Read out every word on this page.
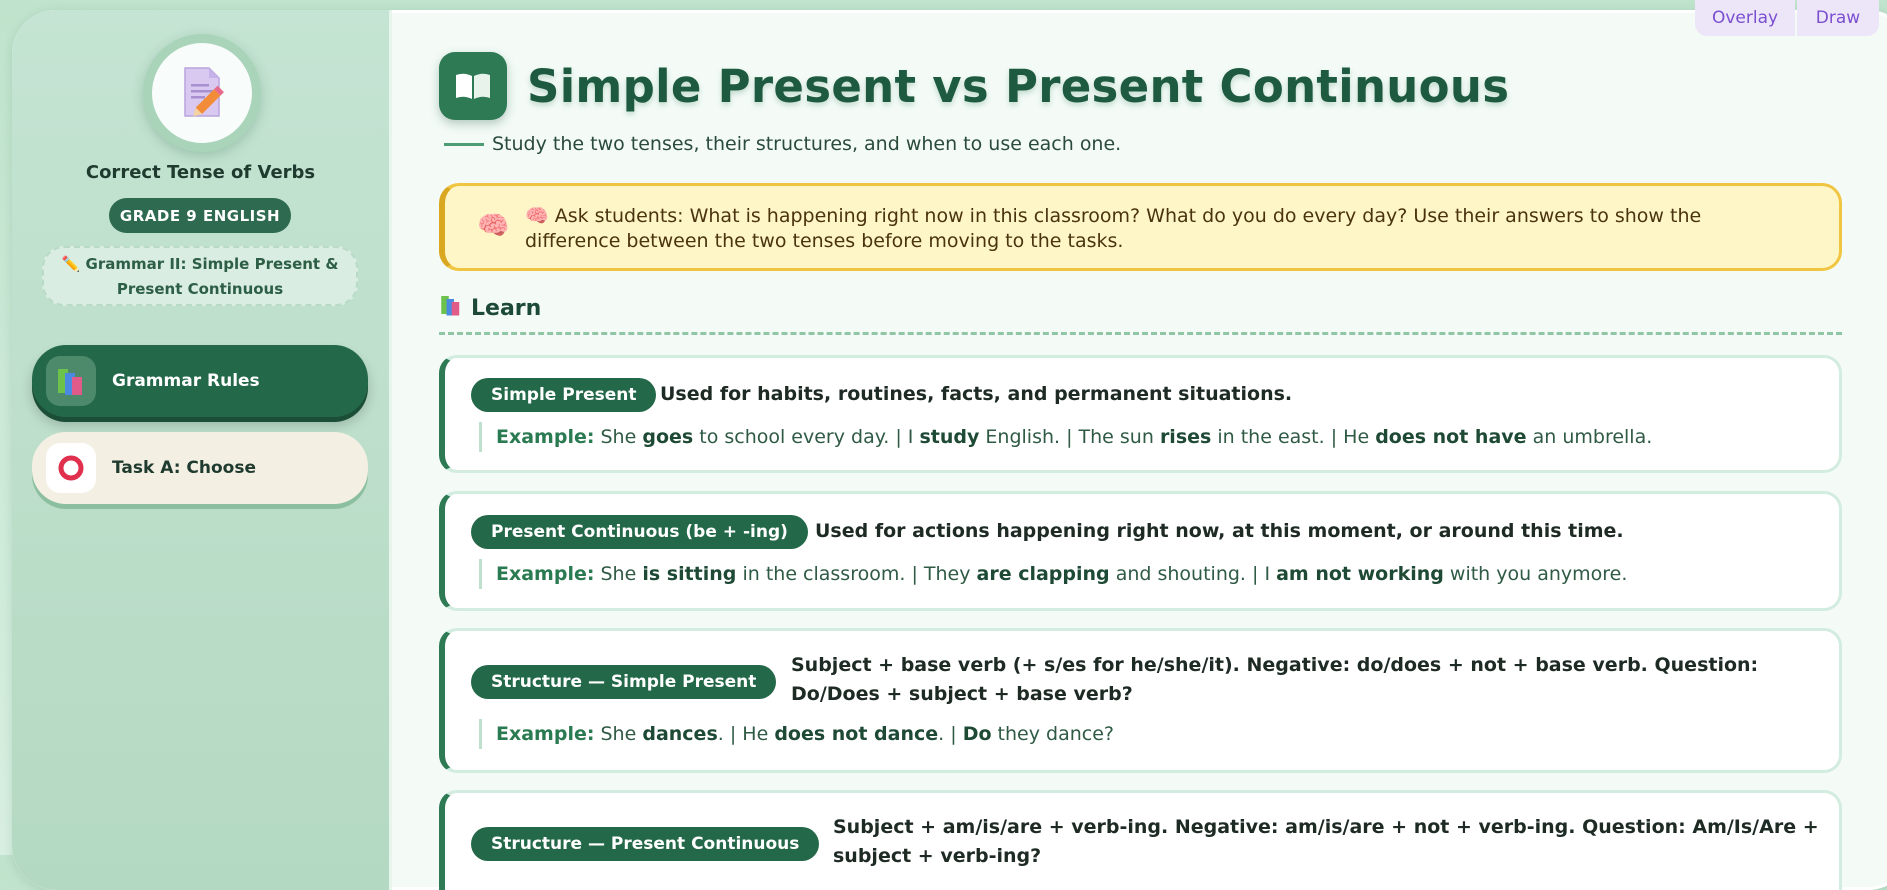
Correct Tense of Verbs
GRADE 9 ENGLISH
✏️ Grammar II: Simple Present & Present Continuous
Grammar Rules
Task A: Choose
Simple Present vs Present Continuous
Study the two tenses, their structures, and when to use each one.
🧠 🧠 Ask students: What is happening right now in this classroom? What do you do every day? Use their answers to show the difference between the two tenses before moving to the tasks.
Learn
Simple Present	Used for habits, routines, facts, and permanent situations.
Example: She goes to school every day. | I study English. | The sun rises in the east. | He does not have an umbrella.
Present Continuous (be + -ing)	Used for actions happening right now, at this moment, or around this time.
Example: She is sitting in the classroom. | They are clapping and shouting. | I am not working with you anymore.
Structure — Simple Present
Subject + base verb (+ s/es for he/she/it). Negative: do/does + not + base verb. Question: Do/Does + subject + base verb?
Example: She dances. | He does not dance. | Do they dance?
Structure — Present Continuous
Subject + am/is/are + verb-ing. Negative: am/is/are + not + verb-ing. Question: Am/Is/Are + subject + verb-ing?
Overlay	Draw
